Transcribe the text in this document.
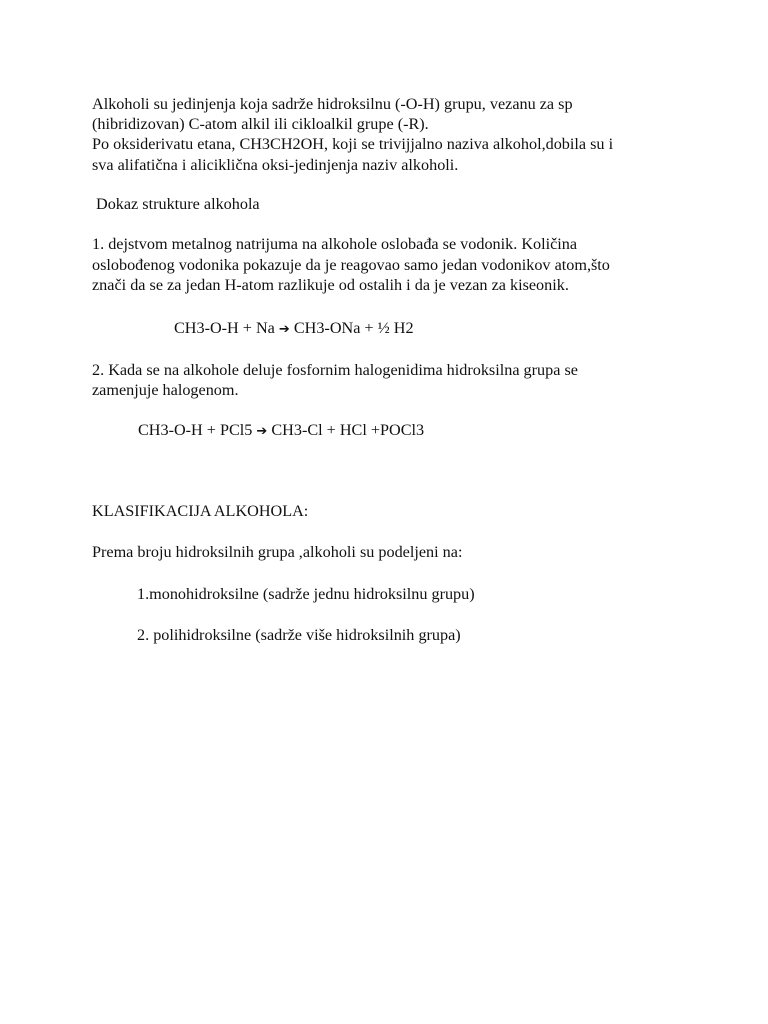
Alkoholi su jedinjenja koja sadrže hidroksilnu (-O-H) grupu, vezanu za sp
(hibridizovan) C-atom alkil ili cikloalkil grupe (-R).
Po oksiderivatu etana, CH3CH2OH, koji se trivijjalno naziva alkohol,dobila su i
sva alifatična i aliciklična oksi-jedinjenja naziv alkoholi.
Dokaz strukture alkohola
1. dejstvom metalnog natrijuma na alkohole oslobađa se vodonik. Količina
oslobođenog vodonika pokazuje da je reagovao samo jedan vodonikov atom,što
znači da se za jedan H-atom razlikuje od ostalih i da je vezan za kiseonik.
CH3-O-H + Na ➔ CH3-ONa + ½ H2
2. Kada se na alkohole deluje fosfornim halogenidima hidroksilna grupa se
zamenjuje halogenom.
CH3-O-H + PCl5 ➔ CH3-Cl + HCl +POCl3
KLASIFIKACIJA ALKOHOLA:
Prema broju hidroksilnih grupa ,alkoholi su podeljeni na:
1.monohidroksilne (sadrže jednu hidroksilnu grupu)
2. polihidroksilne (sadrže više hidroksilnih grupa)
